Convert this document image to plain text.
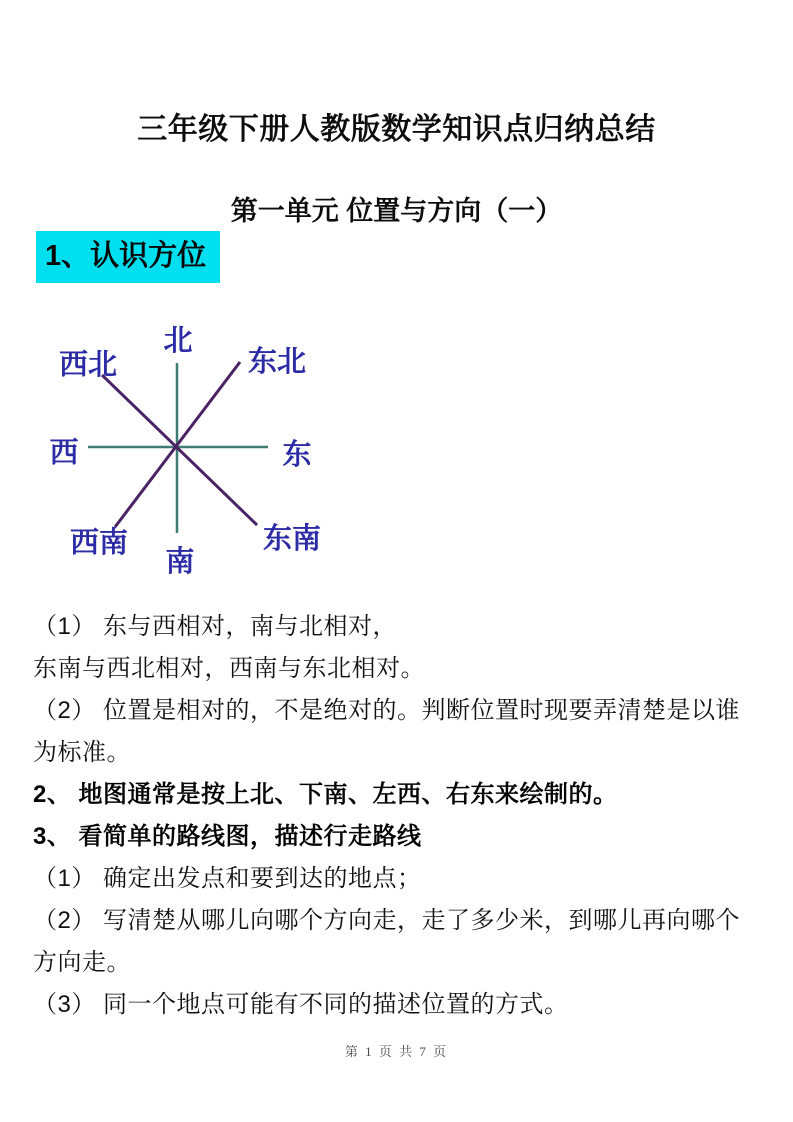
三年级下册人教版数学知识点归纳总结
第一单元 位置与方向（一）
1、认识方位
北
西北	东北
西	东
西南
南
东南
（1） 东与西相对，南与北相对，
东南与西北相对，西南与东北相对。
（2） 位置是相对的，不是绝对的。判断位置时现要弄清楚是以谁
为标准。
2、 地图通常是按上北、下南、左西、右东来绘制的。
3、 看简单的路线图，描述行走路线
（1） 确定出发点和要到达的地点；
（2） 写清楚从哪儿向哪个方向走，走了多少米，到哪儿再向哪个
方向走。
（3） 同一个地点可能有不同的描述位置的方式。
第 1 页 共 7 页
